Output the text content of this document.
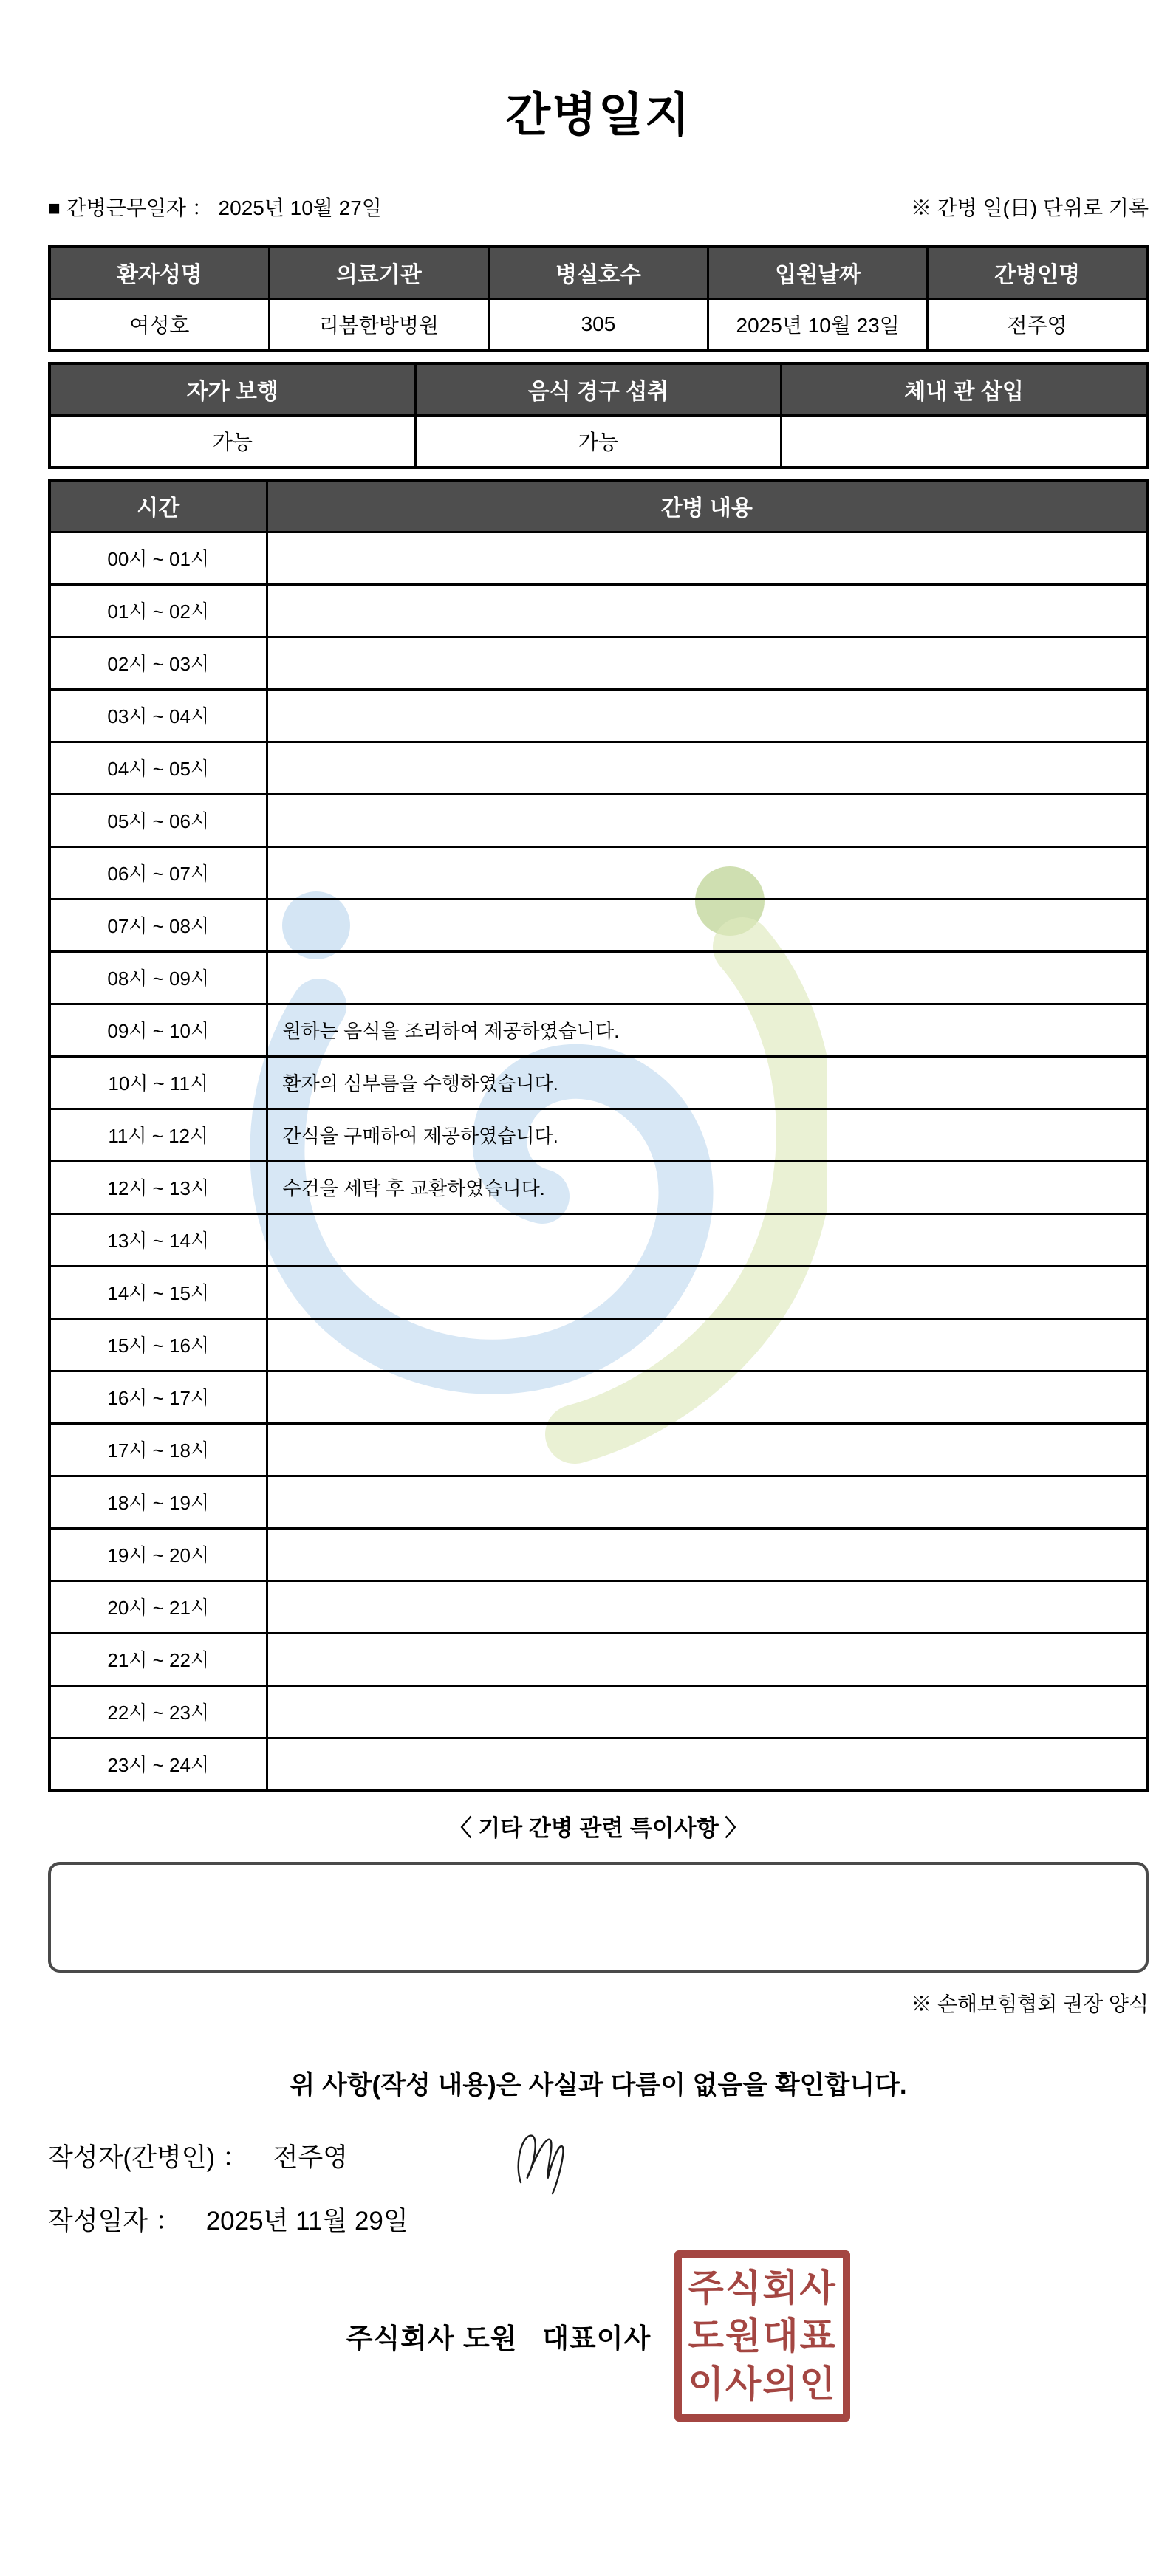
간병일지
■ 간병근무일자 ： 2025년 10월 27일	※ 간병 일(日) 단위로 기록
환자성명	의료기관	병실호수	입원날짜	간병인명
여성호	리봄한방병원	305	2025년 10월 23일	전주영
자가 보행	음식 경구 섭취	체내 관 삽입
가능	가능	
시간	간병 내용
00시 ~ 01시	
01시 ~ 02시	
02시 ~ 03시	
03시 ~ 04시	
04시 ~ 05시	
05시 ~ 06시	
06시 ~ 07시	
07시 ~ 08시	
08시 ~ 09시	
09시 ~ 10시	원하는 음식을 조리하여 제공하였습니다.
10시 ~ 11시	환자의 심부름을 수행하였습니다.
11시 ~ 12시	간식을 구매하여 제공하였습니다.
12시 ~ 13시	수건을 세탁 후 교환하였습니다.
13시 ~ 14시	
14시 ~ 15시	
15시 ~ 16시	
16시 ~ 17시	
17시 ~ 18시	
18시 ~ 19시	
19시 ~ 20시	
20시 ~ 21시	
21시 ~ 22시	
22시 ~ 23시	
23시 ~ 24시	
〈 기타 간병 관련 특이사항 〉
※ 손해보험협회 권장 양식
위 사항(작성 내용)은 사실과 다름이 없음을 확인합니다.
작성자(간병인) ： 전주영
작성일자 ： 2025년 11월 29일
주식회사 도원   대표이사
주식회사
도원대표
이사의인
